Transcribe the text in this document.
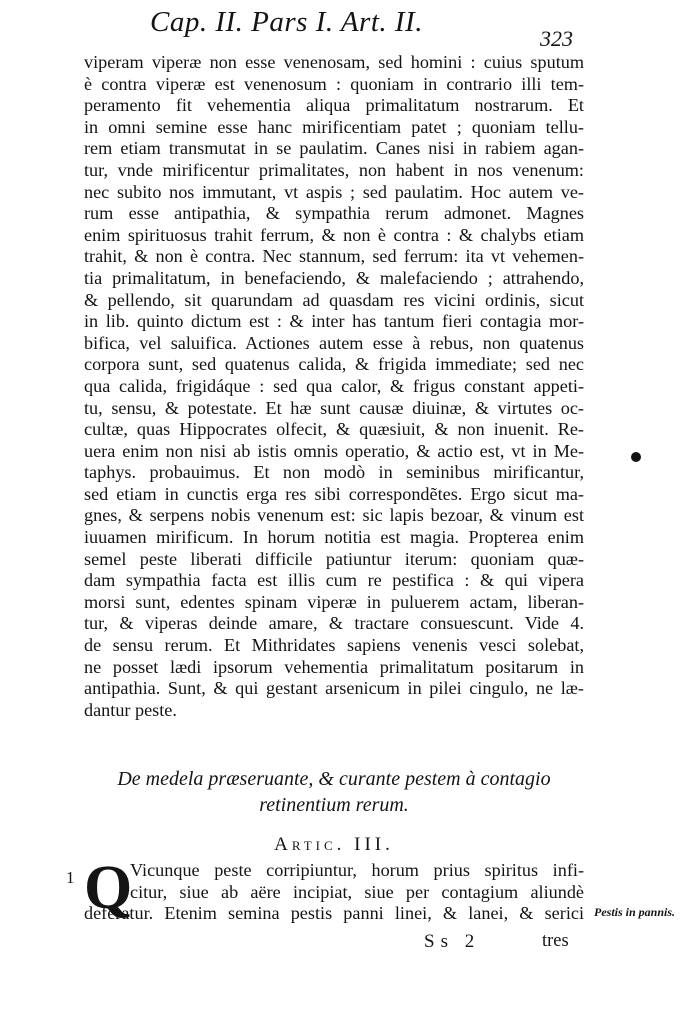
Cap. II. Pars I. Art. II.
323
viperam viperæ non esse venenosam, sed homini : cuius sputum
è contra viperæ est venenosum : quoniam in contrario illi tem-
peramento fit vehementia aliqua primalitatum nostrarum. Et
in omni semine esse hanc mirificentiam patet ; quoniam tellu-
rem etiam transmutat in se paulatim. Canes nisi in rabiem agan-
tur, vnde mirificentur primalitates, non habent in nos venenum:
nec subito nos immutant, vt aspis ; sed paulatim. Hoc autem ve-
rum esse antipathia, & sympathia rerum admonet. Magnes
enim spirituosus trahit ferrum, & non è contra : & chalybs etiam
trahit, & non è contra. Nec stannum, sed ferrum: ita vt vehemen-
tia primalitatum, in benefaciendo, & malefaciendo ; attrahendo,
& pellendo, sit quarundam ad quasdam res vicini ordinis, sicut
in lib. quinto dictum est : & inter has tantum fieri contagia mor-
bifica, vel saluifica. Actiones autem esse à rebus, non quatenus
corpora sunt, sed quatenus calida, & frigida immediate; sed nec
qua calida, frigidáque : sed qua calor, & frigus constant appeti-
tu, sensu, & potestate. Et hæ sunt causæ diuinæ, & virtutes oc-
cultæ, quas Hippocrates olfecit, & quæsiuit, & non inuenit. Re-
uera enim non nisi ab istis omnis operatio, & actio est, vt in Me-
taphys. probauimus. Et non modò in seminibus mirificantur,
sed etiam in cunctis erga res sibi correspondẽtes. Ergo sicut ma-
gnes, & serpens nobis venenum est: sic lapis bezoar, & vinum est
iuuamen mirificum. In horum notitia est magia. Propterea enim
semel peste liberati difficile patiuntur iterum: quoniam quæ-
dam sympathia facta est illis cum re pestifica : & qui vipera
morsi sunt, edentes spinam viperæ in puluerem actam, liberan-
tur, & viperas deinde amare, & tractare consuescunt. Vide 4.
de sensu rerum. Et Mithridates sapiens venenis vesci solebat,
ne posset lædi ipsorum vehementia primalitatum positarum in
antipathia. Sunt, & qui gestant arsenicum in pilei cingulo, ne læ-
dantur peste.
De medela præseruante, & curante pestem à contagio
retinentium rerum.
Artic. III.
1 Q
Vicunque peste corripiuntur, horum prius spiritus infi-
citur, siue ab aëre incipiat, siue per contagium aliundè
deferatur. Etenim semina pestis panni linei, & lanei, & serici Pestis in pannis.
Ss 2	tres
